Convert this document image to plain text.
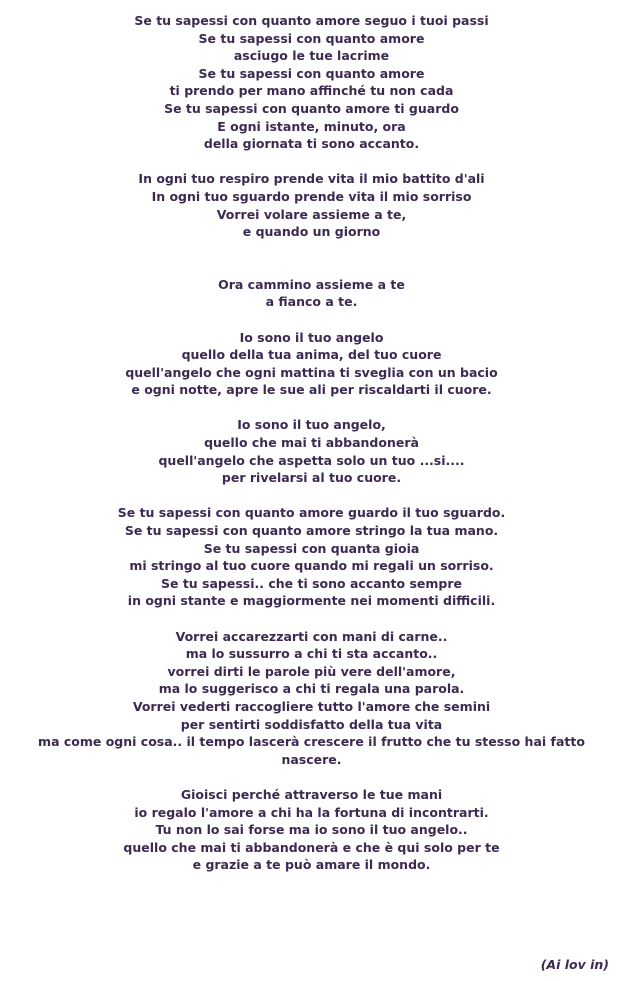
Se tu sapessi con quanto amore seguo i tuoi passi
Se tu sapessi con quanto amore
asciugo le tue lacrime
Se tu sapessi con quanto amore
ti prendo per mano affinché tu non cada
Se tu sapessi con quanto amore ti guardo
E ogni istante, minuto, ora
della giornata ti sono accanto.
In ogni tuo respiro prende vita il mio battito d'ali
In ogni tuo sguardo prende vita il mio sorriso
Vorrei volare assieme a te,
e quando un giorno
Ora cammino assieme a te
a fianco a te.
Io sono il tuo angelo
quello della tua anima, del tuo cuore
quell'angelo che ogni mattina ti sveglia con un bacio
e ogni notte, apre le sue ali per riscaldarti il cuore.
Io sono il tuo angelo,
quello che mai ti abbandonerà
quell'angelo che aspetta solo un tuo ...si....
per rivelarsi al tuo cuore.
Se tu sapessi con quanto amore guardo il tuo sguardo.
Se tu sapessi con quanto amore stringo la tua mano.
Se tu sapessi con quanta gioia
mi stringo al tuo cuore quando mi regali un sorriso.
Se tu sapessi.. che ti sono accanto sempre
in ogni stante e maggiormente nei momenti difficili.
Vorrei accarezzarti con mani di carne..
ma lo sussurro a chi ti sta accanto..
vorrei dirti le parole più vere dell'amore,
ma lo suggerisco a chi ti regala una parola.
Vorrei vederti raccogliere tutto l'amore che semini
per sentirti soddisfatto della tua vita
ma come ogni cosa.. il tempo lascerà crescere il frutto che tu stesso hai fatto nascere.
Gioisci perché attraverso le tue mani
io regalo l'amore a chi ha la fortuna di incontrarti.
Tu non lo sai forse ma io sono il tuo angelo..
quello che mai ti abbandonerà e che è qui solo per te
e grazie a te può amare il mondo.
(Ai lov in)
